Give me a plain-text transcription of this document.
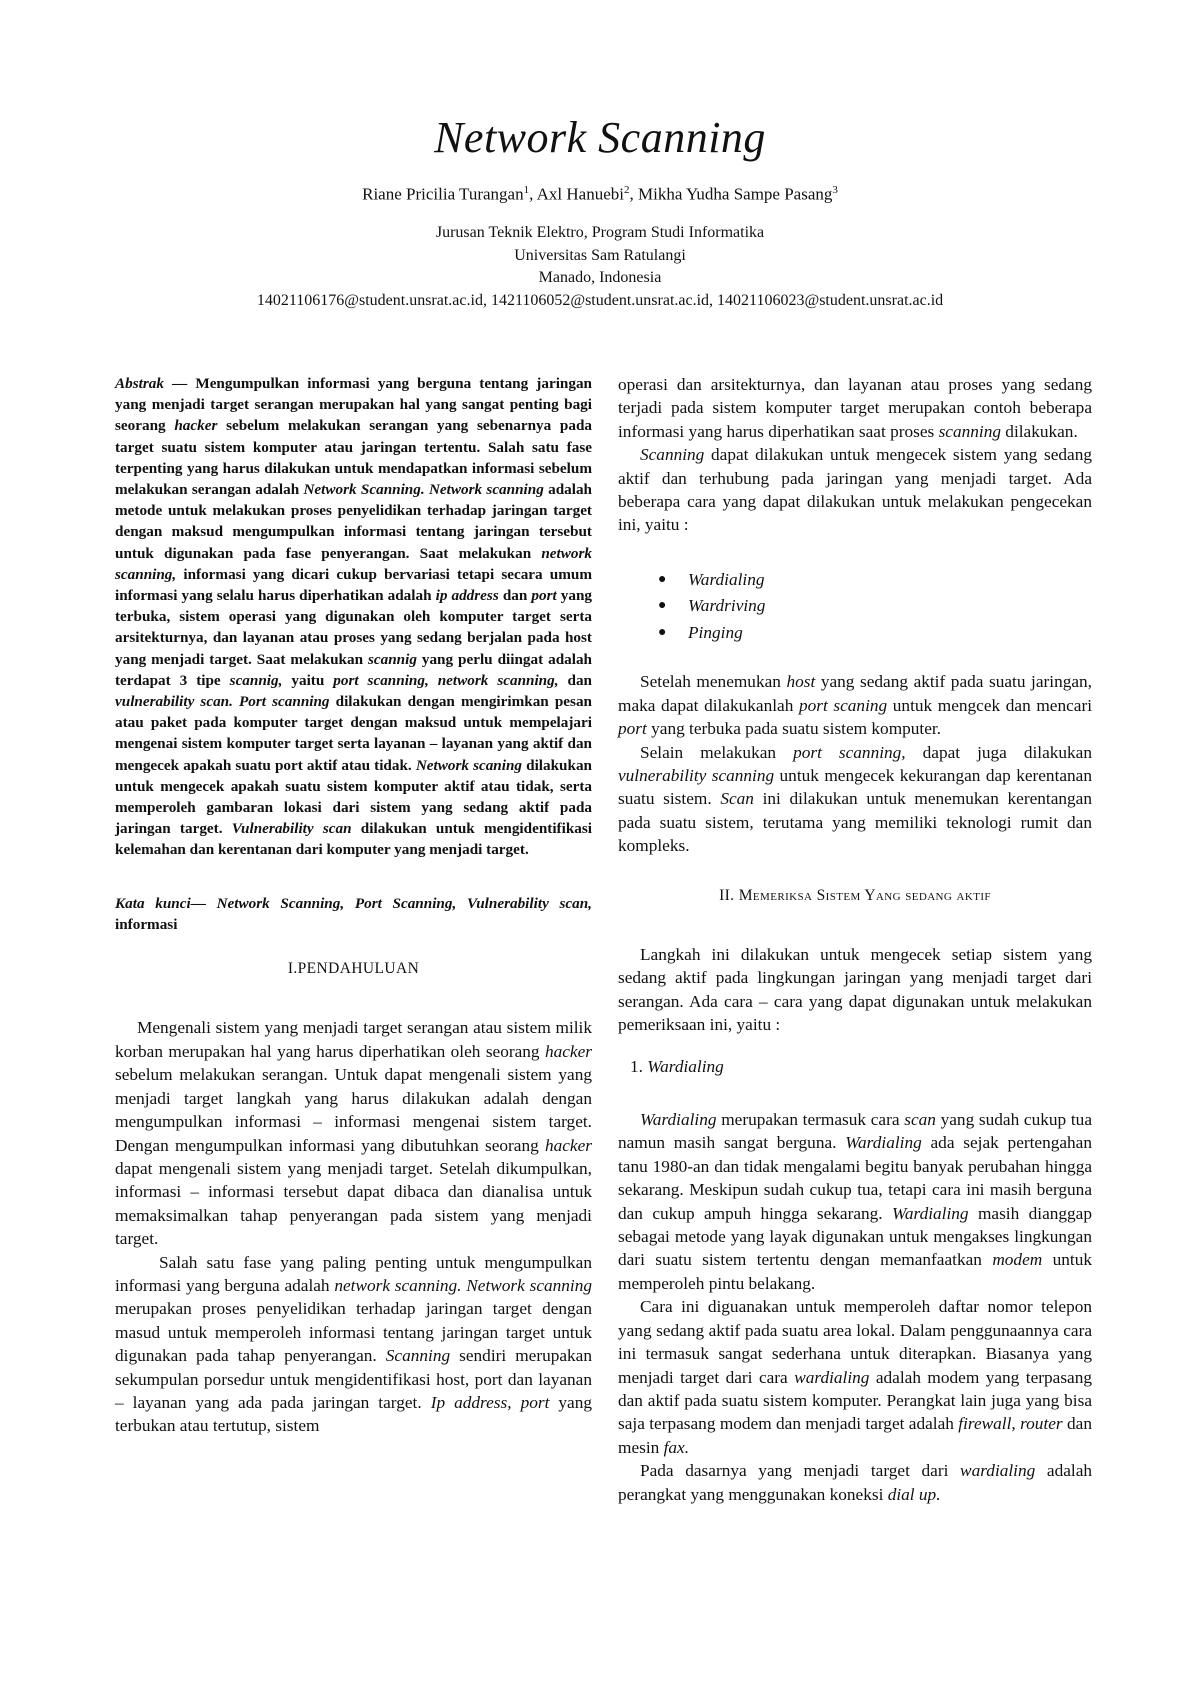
Network Scanning
Riane Pricilia Turangan$^1$, Axl Hanuebi$^2$, Mikha Yudha Sampe Pasang$^3$
Jurusan Teknik Elektro, Program Studi Informatika
Universitas Sam Ratulangi
Manado, Indonesia
14021106176@student.unsrat.ac.id, 1421106052@student.unsrat.ac.id, 14021106023@student.unsrat.ac.id

Abstrak — Mengumpulkan informasi yang berguna tentang jaringan yang menjadi target serangan merupakan hal yang sangat penting bagi seorang hacker sebelum melakukan serangan yang sebenarnya pada target suatu sistem komputer atau jaringan tertentu. Salah satu fase terpenting yang harus dilakukan untuk mendapatkan informasi sebelum melakukan serangan adalah Network Scanning. Network scanning adalah metode untuk melakukan proses penyelidikan terhadap jaringan target dengan maksud mengumpulkan informasi tentang jaringan tersebut untuk digunakan pada fase penyerangan. Saat melakukan network scanning, informasi yang dicari cukup bervariasi tetapi secara umum informasi yang selalu harus diperhatikan adalah ip address dan port yang terbuka, sistem operasi yang digunakan oleh komputer target serta arsitekturnya, dan layanan atau proses yang sedang berjalan pada host yang menjadi target. Saat melakukan scannig yang perlu diingat adalah terdapat 3 tipe scannig, yaitu port scanning, network scanning, dan vulnerability scan. Port scanning dilakukan dengan mengirimkan pesan atau paket pada komputer target dengan maksud untuk mempelajari mengenai sistem komputer target serta layanan – layanan yang aktif dan mengecek apakah suatu port aktif atau tidak. Network scaning dilakukan untuk mengecek apakah suatu sistem komputer aktif atau tidak, serta memperoleh gambaran lokasi dari sistem yang sedang aktif pada jaringan target. Vulnerability scan dilakukan untuk mengidentifikasi kelemahan dan kerentanan dari komputer yang menjadi target.

Kata kunci— Network Scanning, Port Scanning, Vulnerability scan, informasi

I.PENDAHULUAN

Mengenali sistem yang menjadi target serangan atau sistem milik korban merupakan hal yang harus diperhatikan oleh seorang hacker sebelum melakukan serangan. Untuk dapat mengenali sistem yang menjadi target langkah yang harus dilakukan adalah dengan mengumpulkan informasi – informasi mengenai sistem target. Dengan mengumpulkan informasi yang dibutuhkan seorang hacker dapat mengenali sistem yang menjadi target. Setelah dikumpulkan, informasi – informasi tersebut dapat dibaca dan dianalisa untuk memaksimalkan tahap penyerangan pada sistem yang menjadi target.

Salah satu fase yang paling penting untuk mengumpulkan informasi yang berguna adalah network scanning. Network scanning merupakan proses penyelidikan terhadap jaringan target dengan masud untuk memperoleh informasi tentang jaringan target untuk digunakan pada tahap penyerangan. Scanning sendiri merupakan sekumpulan porsedur untuk mengidentifikasi host, port dan layanan – layanan yang ada pada jaringan target. Ip address, port yang terbukan atau tertutup, sistem

operasi dan arsitekturnya, dan layanan atau proses yang sedang terjadi pada sistem komputer target merupakan contoh beberapa informasi yang harus diperhatikan saat proses scanning dilakukan.

Scanning dapat dilakukan untuk mengecek sistem yang sedang aktif dan terhubung pada jaringan yang menjadi target. Ada beberapa cara yang dapat dilakukan untuk melakukan pengecekan ini, yaitu :

● Wardialing
● Wardriving
● Pinging

Setelah menemukan host yang sedang aktif pada suatu jaringan, maka dapat dilakukanlah port scaning untuk mengcek dan mencari port yang terbuka pada suatu sistem komputer.

Selain melakukan port scanning, dapat juga dilakukan vulnerability scanning untuk mengecek kekurangan dap kerentanan suatu sistem. Scan ini dilakukan untuk menemukan kerentangan pada suatu sistem, terutama yang memiliki teknologi rumit dan kompleks.

II. Memeriksa Sistem Yang sedang aktif

Langkah ini dilakukan untuk mengecek setiap sistem yang sedang aktif pada lingkungan jaringan yang menjadi target dari serangan. Ada cara – cara yang dapat digunakan untuk melakukan pemeriksaan ini, yaitu :

1. Wardialing

Wardialing merupakan termasuk cara scan yang sudah cukup tua namun masih sangat berguna. Wardialing ada sejak pertengahan tanu 1980-an dan tidak mengalami begitu banyak perubahan hingga sekarang. Meskipun sudah cukup tua, tetapi cara ini masih berguna dan cukup ampuh hingga sekarang. Wardialing masih dianggap sebagai metode yang layak digunakan untuk mengakses lingkungan dari suatu sistem tertentu dengan memanfaatkan modem untuk memperoleh pintu belakang.

Cara ini diguanakan untuk memperoleh daftar nomor telepon yang sedang aktif pada suatu area lokal. Dalam penggunaannya cara ini termasuk sangat sederhana untuk diterapkan. Biasanya yang menjadi target dari cara wardialing adalah modem yang terpasang dan aktif pada suatu sistem komputer. Perangkat lain juga yang bisa saja terpasang modem dan menjadi target adalah firewall, router dan mesin fax.

Pada dasarnya yang menjadi target dari wardialing adalah perangkat yang menggunakan koneksi dial up.
